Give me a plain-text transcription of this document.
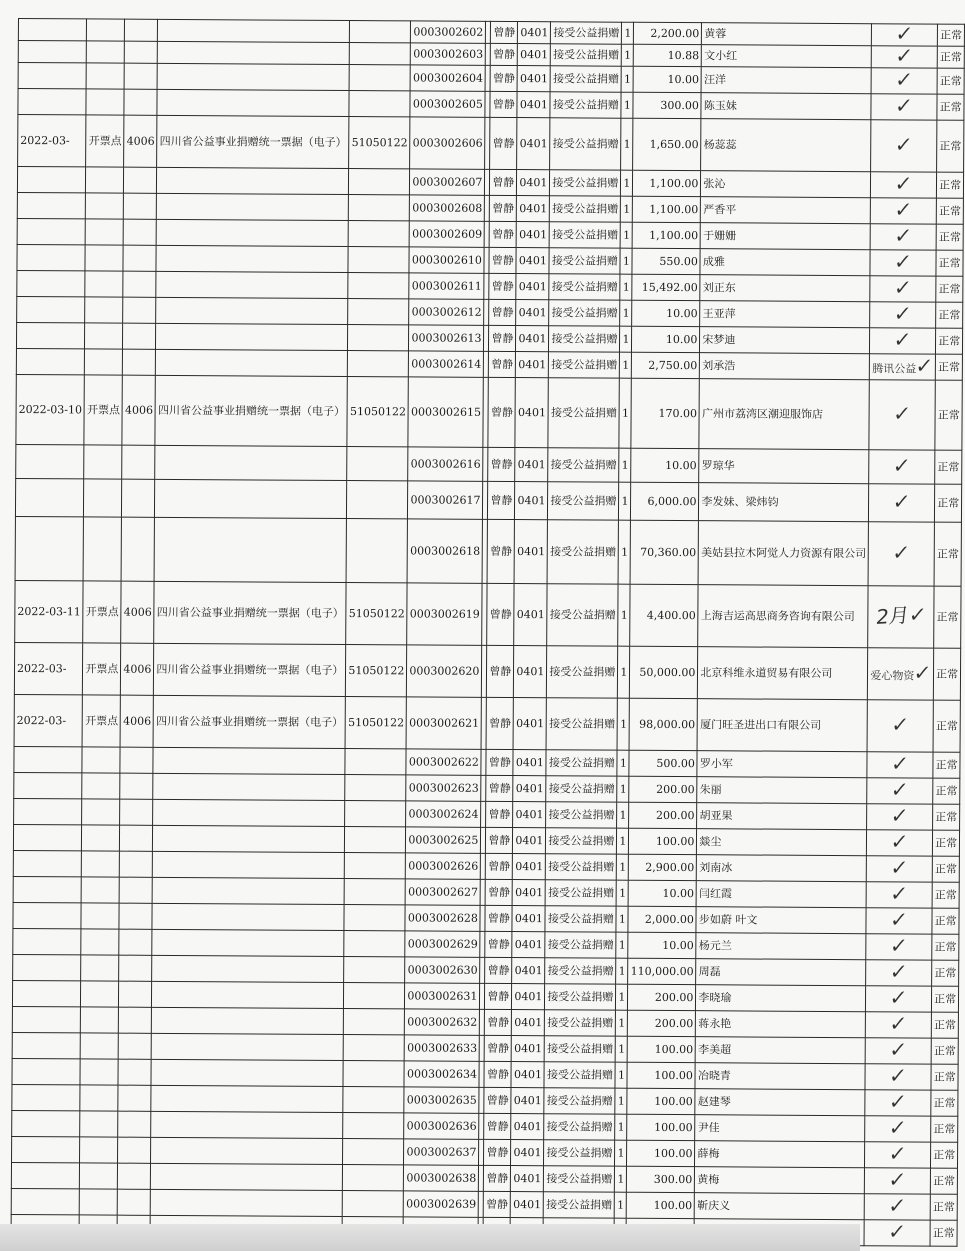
					0003002602		曾静	0401	接受公益捐赠	1	2,200.00	黄蓉	✓	正常
					0003002603		曾静	0401	接受公益捐赠	1	10.88	文小红	✓	正常
					0003002604		曾静	0401	接受公益捐赠	1	10.00	汪洋	✓	正常
					0003002605		曾静	0401	接受公益捐赠	1	300.00	陈玉妹	✓	正常
2022-03-	开票点	4006	四川省公益事业捐赠统一票据（电子）	51050122	0003002606		曾静	0401	接受公益捐赠	1	1,650.00	杨蕊蕊	✓	正常
					0003002607		曾静	0401	接受公益捐赠	1	1,100.00	张沁	✓	正常
					0003002608		曾静	0401	接受公益捐赠	1	1,100.00	严香平	✓	正常
					0003002609		曾静	0401	接受公益捐赠	1	1,100.00	于姗姗	✓	正常
					0003002610		曾静	0401	接受公益捐赠	1	550.00	成雅	✓	正常
					0003002611		曾静	0401	接受公益捐赠	1	15,492.00	刘正东	✓	正常
					0003002612		曾静	0401	接受公益捐赠	1	10.00	王亚萍	✓	正常
					0003002613		曾静	0401	接受公益捐赠	1	10.00	宋梦迪	✓	正常
					0003002614		曾静	0401	接受公益捐赠	1	2,750.00	刘承浩	腾讯公益✓	正常
2022-03-10	开票点	4006	四川省公益事业捐赠统一票据（电子）	51050122	0003002615		曾静	0401	接受公益捐赠	1	170.00	广州市荔湾区潮迎服饰店	✓	正常
					0003002616		曾静	0401	接受公益捐赠	1	10.00	罗琼华	✓	正常
					0003002617		曾静	0401	接受公益捐赠	1	6,000.00	李发妹、梁炜钧	✓	正常
					0003002618		曾静	0401	接受公益捐赠	1	70,360.00	美姑县拉木阿觉人力资源有限公司	✓	正常
2022-03-11	开票点	4006	四川省公益事业捐赠统一票据（电子）	51050122	0003002619		曾静	0401	接受公益捐赠	1	4,400.00	上海吉运高思商务咨询有限公司	2月✓	正常
2022-03-	开票点	4006	四川省公益事业捐赠统一票据（电子）	51050122	0003002620		曾静	0401	接受公益捐赠	1	50,000.00	北京科维永道贸易有限公司	爱心物资✓	正常
2022-03-	开票点	4006	四川省公益事业捐赠统一票据（电子）	51050122	0003002621		曾静	0401	接受公益捐赠	1	98,000.00	厦门旺圣进出口有限公司	✓	正常
					0003002622		曾静	0401	接受公益捐赠	1	500.00	罗小军	✓	正常
					0003002623		曾静	0401	接受公益捐赠	1	200.00	朱丽	✓	正常
					0003002624		曾静	0401	接受公益捐赠	1	200.00	胡亚果	✓	正常
					0003002625		曾静	0401	接受公益捐赠	1	100.00	燚尘	✓	正常
					0003002626		曾静	0401	接受公益捐赠	1	2,900.00	刘南冰	✓	正常
					0003002627		曾静	0401	接受公益捐赠	1	10.00	闫红霞	✓	正常
					0003002628		曾静	0401	接受公益捐赠	1	2,000.00	步如蔚 叶文	✓	正常
					0003002629		曾静	0401	接受公益捐赠	1	10.00	杨元兰	✓	正常
					0003002630		曾静	0401	接受公益捐赠	1	110,000.00	周磊	✓	正常
					0003002631		曾静	0401	接受公益捐赠	1	200.00	李晓瑜	✓	正常
					0003002632		曾静	0401	接受公益捐赠	1	200.00	蒋永艳	✓	正常
					0003002633		曾静	0401	接受公益捐赠	1	100.00	李美超	✓	正常
					0003002634		曾静	0401	接受公益捐赠	1	100.00	冶晓青	✓	正常
					0003002635		曾静	0401	接受公益捐赠	1	100.00	赵建琴	✓	正常
					0003002636		曾静	0401	接受公益捐赠	1	100.00	尹佳	✓	正常
					0003002637		曾静	0401	接受公益捐赠	1	100.00	薛梅	✓	正常
					0003002638		曾静	0401	接受公益捐赠	1	300.00	黄梅	✓	正常
					0003002639		曾静	0401	接受公益捐赠	1	100.00	靳庆义	✓	正常
													✓	正常
